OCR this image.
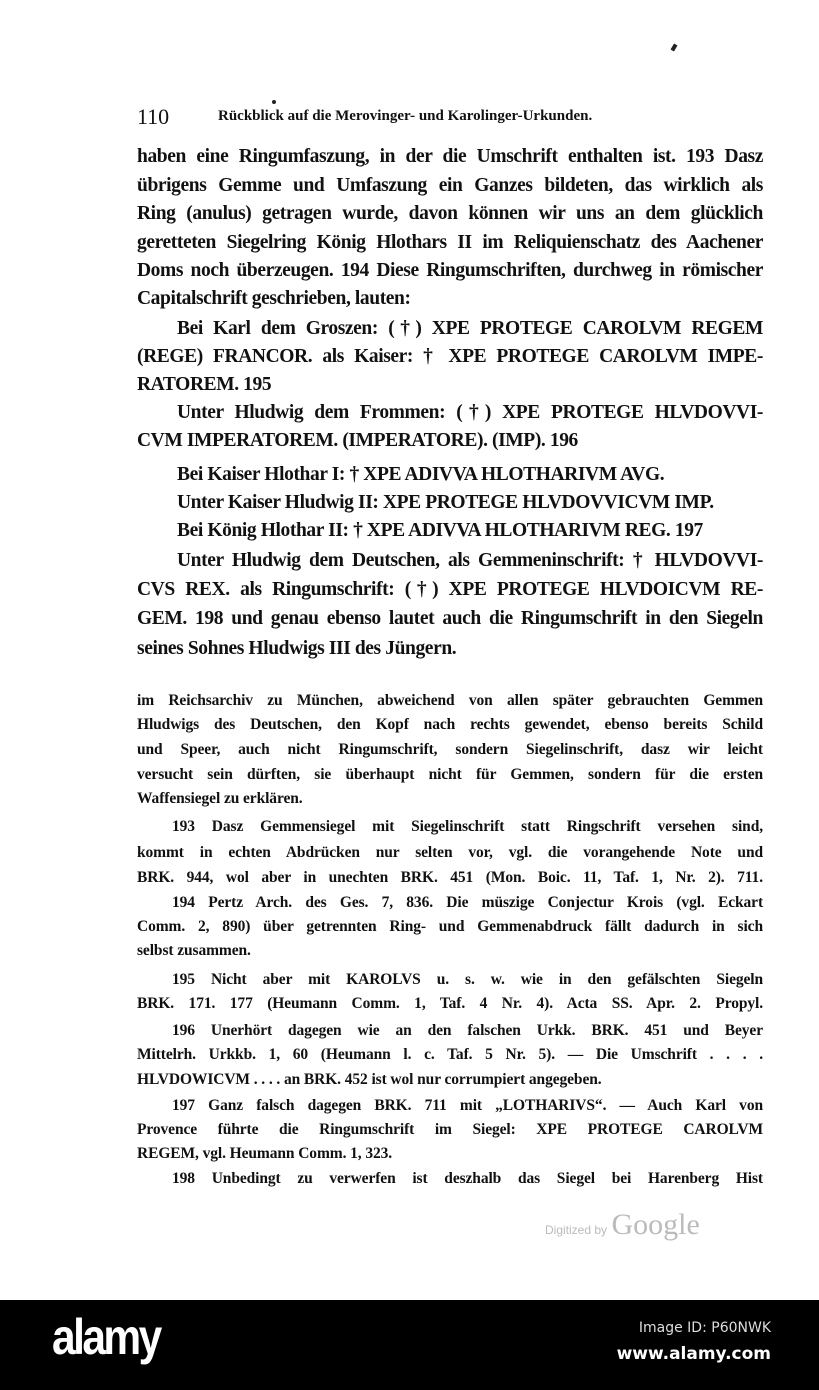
110	Rückblick auf die Merovinger- und Karolinger-Urkunden.
haben eine Ringumfaszung, in der die Umschrift enthalten ist. 193 Dasz
übrigens Gemme und Umfaszung ein Ganzes bildeten, das wirklich als
Ring (anulus) getragen wurde, davon können wir uns an dem glücklich
geretteten Siegelring König Hlothars II im Reliquienschatz des Aachener
Doms noch überzeugen. 194 Diese Ringumschriften, durchweg in römischer
Capitalschrift geschrieben, lauten:
Bei Karl dem Groszen: (†) XPE PROTEGE CAROLVM REGEM
(REGE) FRANCOR. als Kaiser: † XPE PROTEGE CAROLVM IMPE-
RATOREM. 195
Unter Hludwig dem Frommen: (†) XPE PROTEGE HLVDOVVI-
CVM IMPERATOREM. (IMPERATORE). (IMP). 196
Bei Kaiser Hlothar I: † XPE ADIVVA HLOTHARIVM AVG.
Unter Kaiser Hludwig II: XPE PROTEGE HLVDOVVICVM IMP.
Bei König Hlothar II: † XPE ADIVVA HLOTHARIVM REG. 197
Unter Hludwig dem Deutschen, als Gemmeninschrift: † HLVDOVVI-
CVS REX. als Ringumschrift: (†) XPE PROTEGE HLVDOICVM RE-
GEM. 198 und genau ebenso lautet auch die Ringumschrift in den Siegeln
seines Sohnes Hludwigs III des Jüngern.
im Reichsarchiv zu München, abweichend von allen später gebrauchten Gemmen
Hludwigs des Deutschen, den Kopf nach rechts gewendet, ebenso bereits Schild
und Speer, auch nicht Ringumschrift, sondern Siegelinschrift, dasz wir leicht
versucht sein dürften, sie überhaupt nicht für Gemmen, sondern für die ersten
Waffensiegel zu erklären.
193 Dasz Gemmensiegel mit Siegelinschrift statt Ringschrift versehen sind,
kommt in echten Abdrücken nur selten vor, vgl. die vorangehende Note und
BRK. 944, wol aber in unechten BRK. 451 (Mon. Boic. 11, Taf. 1, Nr. 2). 711.
194 Pertz Arch. des Ges. 7, 836. Die müszige Conjectur Krois (vgl. Eckart
Comm. 2, 890) über getrennten Ring- und Gemmenabdruck fällt dadurch in sich
selbst zusammen.
195 Nicht aber mit KAROLVS u. s. w. wie in den gefälschten Siegeln
BRK. 171. 177 (Heumann Comm. 1, Taf. 4 Nr. 4). Acta SS. Apr. 2. Propyl.
196 Unerhört dagegen wie an den falschen Urkk. BRK. 451 und Beyer
Mittelrh. Urkkb. 1, 60 (Heumann l. c. Taf. 5 Nr. 5). — Die Umschrift . . . .
HLVDOWICVM . . . . an BRK. 452 ist wol nur corrumpiert angegeben.
197 Ganz falsch dagegen BRK. 711 mit „LOTHARIVS“. — Auch Karl von
Provence führte die Ringumschrift im Siegel: XPE PROTEGE CAROLVM
REGEM, vgl. Heumann Comm. 1, 323.
198 Unbedingt zu verwerfen ist deszhalb das Siegel bei Harenberg Hist
Digitized by Google
alamy	Image ID: P60NWK
www.alamy.com
